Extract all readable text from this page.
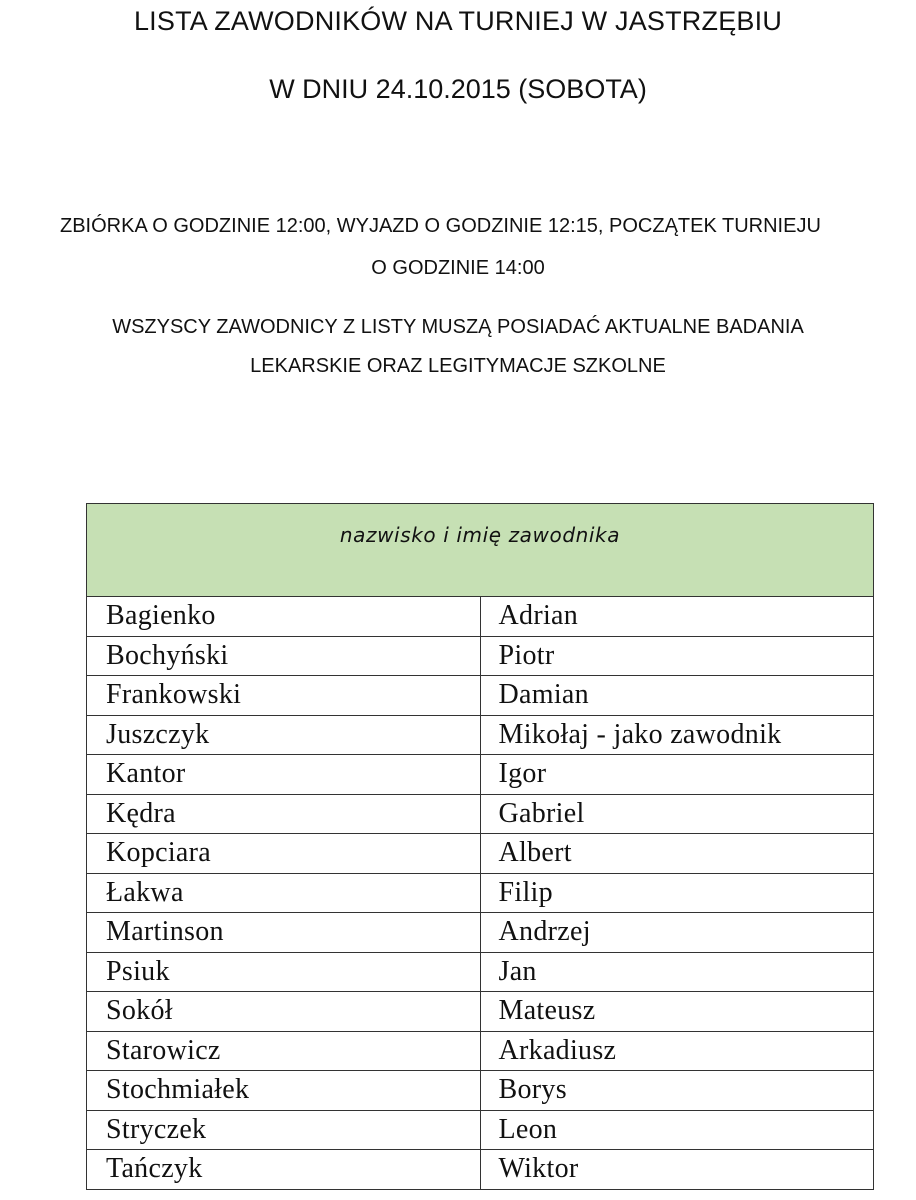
LISTA ZAWODNIKÓW NA TURNIEJ W JASTRZĘBIU
W DNIU 24.10.2015 (SOBOTA)
ZBIÓRKA O GODZINIE 12:00, WYJAZD O GODZINIE 12:15, POCZĄTEK TURNIEJU
O GODZINIE 14:00
WSZYSCY ZAWODNICY Z LISTY MUSZĄ POSIADAĆ AKTUALNE BADANIA
LEKARSKIE ORAZ LEGITYMACJE SZKOLNE
nazwisko i imię zawodnika	

Bagienko	Adrian
Bochyński	Piotr
Frankowski	Damian
Juszczyk	Mikołaj - jako zawodnik
Kantor	Igor
Kędra	Gabriel
Kopciara	Albert
Łakwa	Filip
Martinson	Andrzej
Psiuk	Jan
Sokół	Mateusz
Starowicz	Arkadiusz
Stochmiałek	Borys
Stryczek	Leon
Tańczyk	Wiktor
